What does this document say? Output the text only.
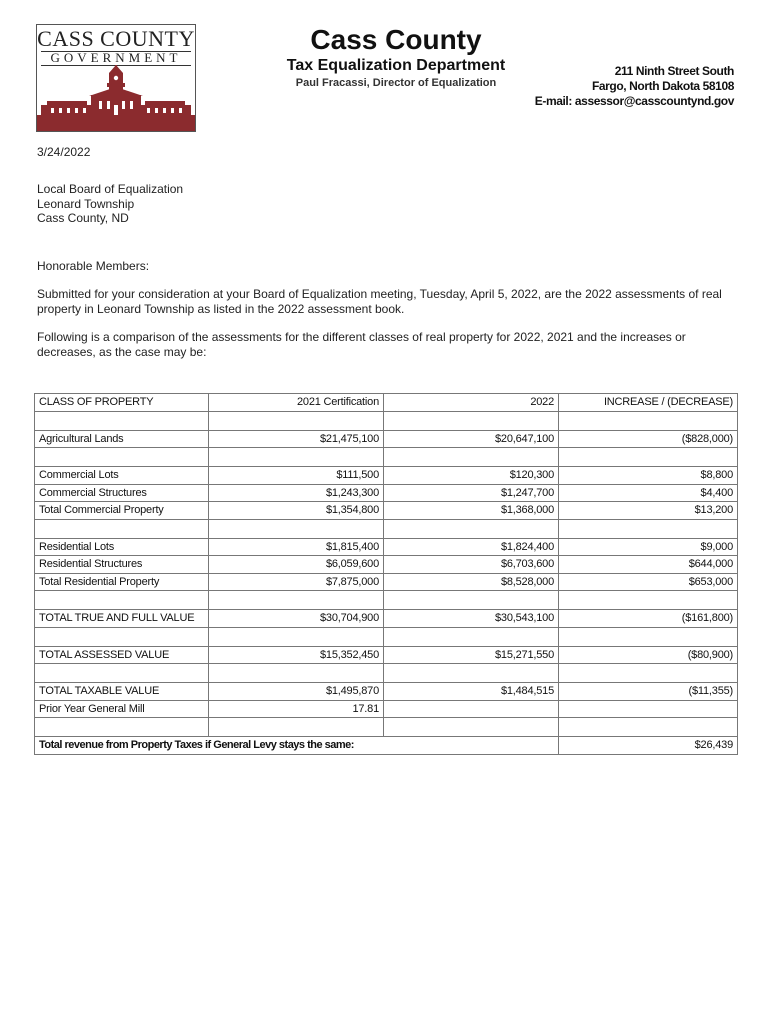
CASS COUNTY
GOVERNMENT
Cass County
Tax Equalization Department
Paul Fracassi, Director of Equalization
211 Ninth Street South
Fargo, North Dakota 58108
E-mail: assessor@casscountynd.gov
3/24/2022
Local Board of Equalization
Leonard Township
Cass County, ND
Honorable Members:
Submitted for your consideration at your Board of Equalization meeting, Tuesday, April 5, 2022, are the 2022 assessments of real property in Leonard Township as listed in the 2022 assessment book.
Following is a comparison of the assessments for the different classes of real property for 2022, 2021 and the increases or decreases, as the case may be:
CLASS OF PROPERTY	2021 Certification	2022	INCREASE / (DECREASE)

Agricultural Lands	$21,475,100	$20,647,100	($828,000)

Commercial Lots	$111,500	$120,300	$8,800
Commercial Structures	$1,243,300	$1,247,700	$4,400
Total Commercial Property	$1,354,800	$1,368,000	$13,200

Residential Lots	$1,815,400	$1,824,400	$9,000
Residential Structures	$6,059,600	$6,703,600	$644,000
Total Residential Property	$7,875,000	$8,528,000	$653,000

TOTAL TRUE AND FULL VALUE	$30,704,900	$30,543,100	($161,800)

TOTAL ASSESSED VALUE	$15,352,450	$15,271,550	($80,900)

TOTAL TAXABLE VALUE	$1,495,870	$1,484,515	($11,355)
Prior Year General Mill	17.81		

Total revenue from Property Taxes if General Levy stays the same:			$26,439
